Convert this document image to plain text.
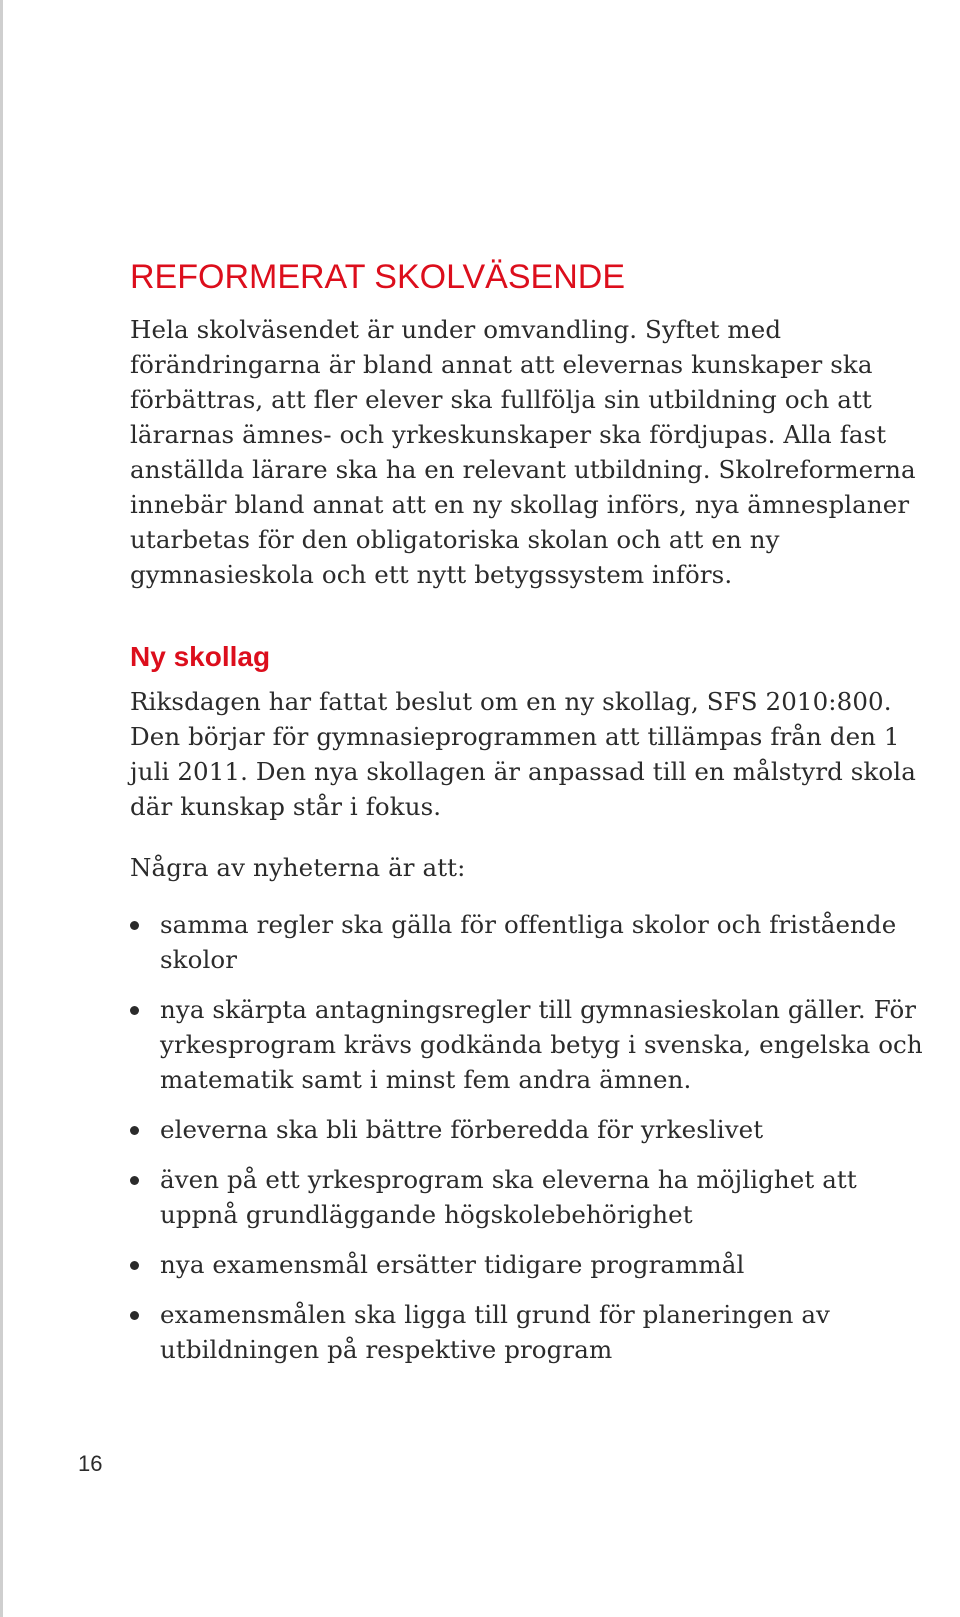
REFORMERAT SKOLVÄSENDE

Hela skolväsendet är under omvandling. Syftet med förändringarna är bland annat att elevernas kunskaper ska förbättras, att fler elever ska fullfölja sin utbildning och att lärarnas ämnes- och yrkeskunskaper ska fördjupas. Alla fast anställda lärare ska ha en relevant utbildning. Skolreformerna innebär bland annat att en ny skollag införs, nya ämnesplaner utarbetas för den obligatoriska skolan och att en ny gymnasieskola och ett nytt betygssystem införs.

Ny skollag

Riksdagen har fattat beslut om en ny skollag, SFS 2010:800. Den börjar för gymnasieprogrammen att tillämpas från den 1 juli 2011. Den nya skollagen är anpassad till en målstyrd skola där kunskap står i fokus.

Några av nyheterna är att:

samma regler ska gälla för offentliga skolor och fristående skolor
nya skärpta antagningsregler till gymnasieskolan gäller. För yrkesprogram krävs godkända betyg i svenska, engelska och matematik samt i minst fem andra ämnen.
eleverna ska bli bättre förberedda för yrkeslivet
även på ett yrkesprogram ska eleverna ha möjlighet att uppnå grundläggande högskolebehörighet
nya examensmål ersätter tidigare programmål
examensmålen ska ligga till grund för planeringen av utbildningen på respektive program
16
